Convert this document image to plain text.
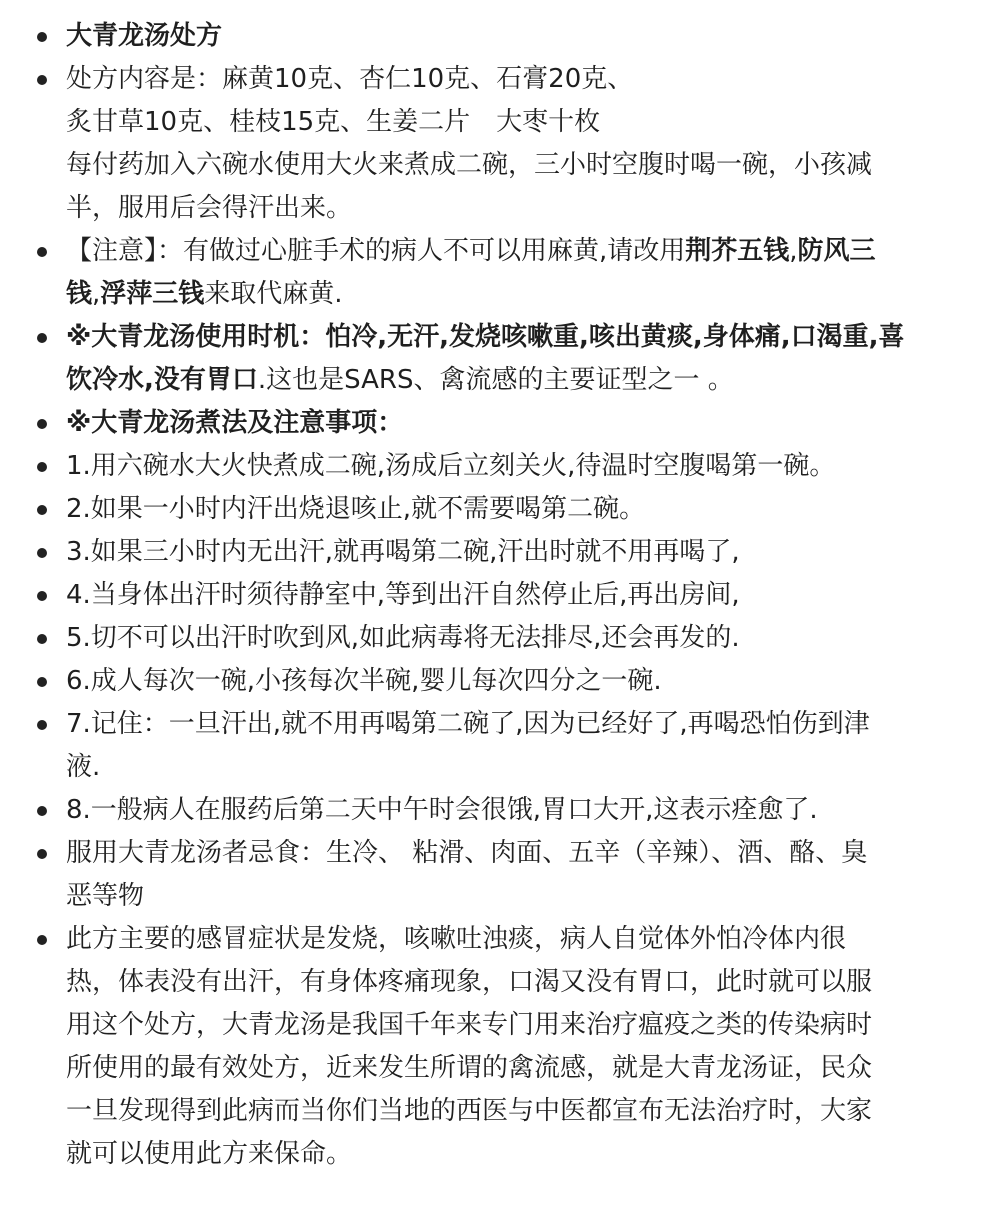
大青龙汤处方
处方内容是：麻黄10克、杏仁10克、石膏20克、
炙甘草10克、桂枝15克、生姜二片　大枣十枚
每付药加入六碗水使用大火来煮成二碗，三小时空腹时喝一碗，小孩减
半，服用后会得汗出来。
【注意】：有做过心脏手术的病人不可以用麻黄,请改用荆芥五钱,防风三
钱,浮萍三钱来取代麻黄.
※大青龙汤使用时机：怕冷,无汗,发烧咳嗽重,咳出黄痰,身体痛,口渴重,喜
饮冷水,没有胃口.这也是SARS、禽流感的主要证型之一 。
※大青龙汤煮法及注意事项：
1.用六碗水大火快煮成二碗,汤成后立刻关火,待温时空腹喝第一碗。
2.如果一小时内汗出烧退咳止,就不需要喝第二碗。
3.如果三小时内无出汗,就再喝第二碗,汗出时就不用再喝了,
4.当身体出汗时须待静室中,等到出汗自然停止后,再出房间,
5.切不可以出汗时吹到风,如此病毒将无法排尽,还会再发的.
6.成人每次一碗,小孩每次半碗,婴儿每次四分之一碗.
7.记住：一旦汗出,就不用再喝第二碗了,因为已经好了,再喝恐怕伤到津
液.
8.一般病人在服药后第二天中午时会很饿,胃口大开,这表示痊愈了.
服用大青龙汤者忌食：生冷、 粘滑、肉面、五辛（辛辣）、酒、酪、臭
恶等物
此方主要的感冒症状是发烧，咳嗽吐浊痰，病人自觉体外怕冷体内很
热，体表没有出汗，有身体疼痛现象，口渴又没有胃口，此时就可以服
用这个处方，大青龙汤是我国千年来专门用来治疗瘟疫之类的传染病时
所使用的最有效处方，近来发生所谓的禽流感，就是大青龙汤证，民众
一旦发现得到此病而当你们当地的西医与中医都宣布无法治疗时，大家
就可以使用此方来保命。
